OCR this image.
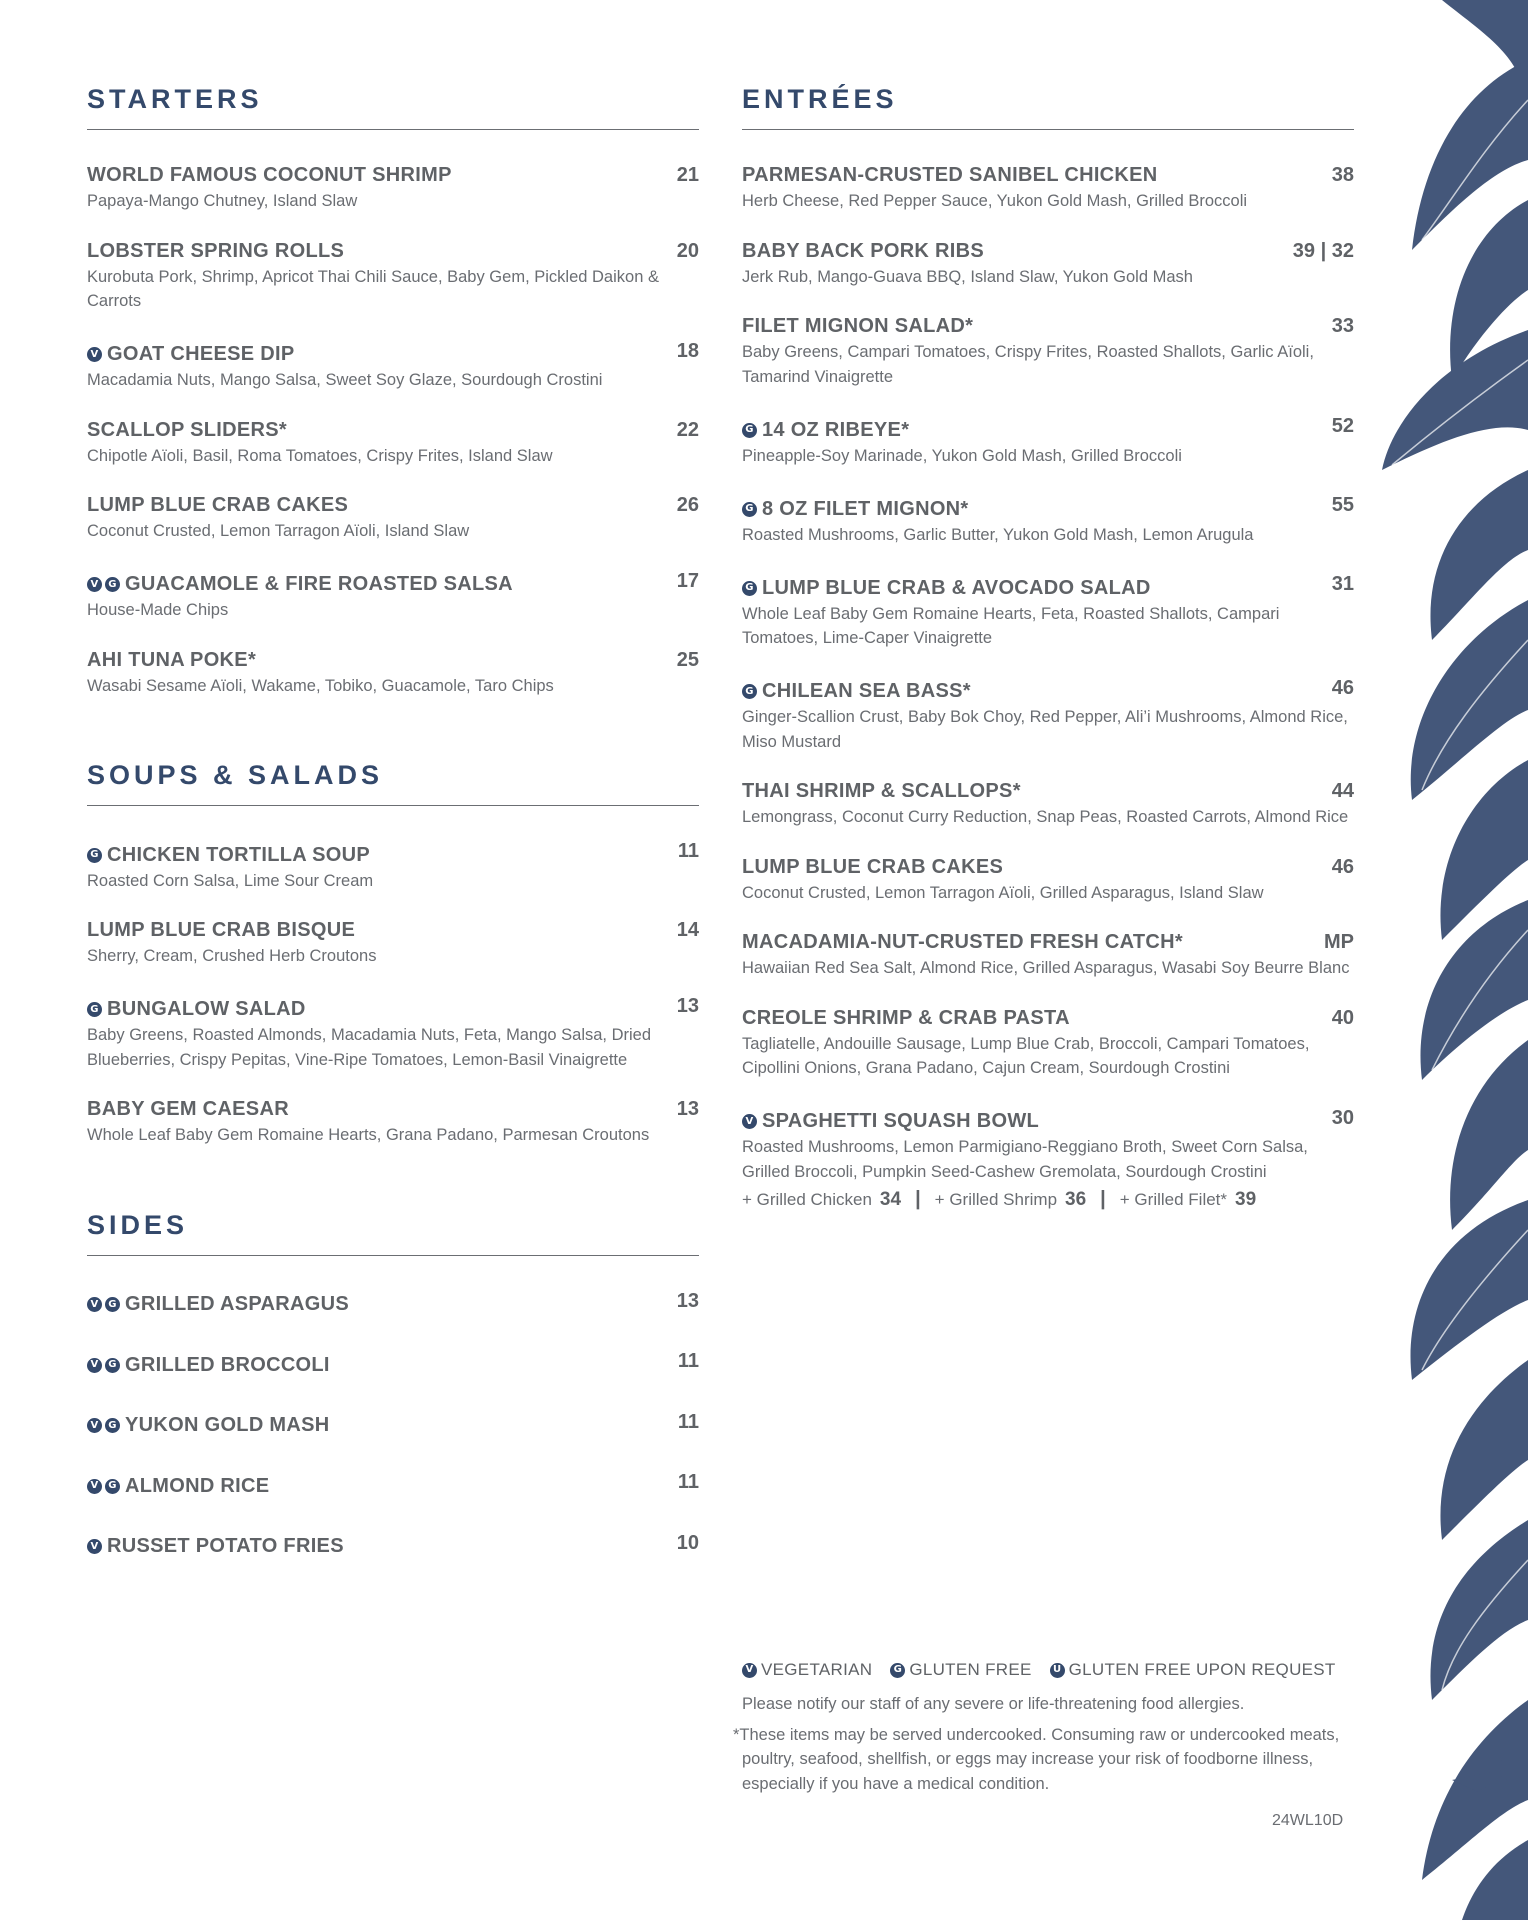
STARTERS
WORLD FAMOUS COCONUT SHRIMP	21
Papaya-Mango Chutney, Island Slaw
LOBSTER SPRING ROLLS	20
Kurobuta Pork, Shrimp, Apricot Thai Chili Sauce, Baby Gem, Pickled Daikon & Carrots
V GOAT CHEESE DIP	18
Macadamia Nuts, Mango Salsa, Sweet Soy Glaze, Sourdough Crostini
SCALLOP SLIDERS*	22
Chipotle Aïoli, Basil, Roma Tomatoes, Crispy Frites, Island Slaw
LUMP BLUE CRAB CAKES	26
Coconut Crusted, Lemon Tarragon Aïoli, Island Slaw
V G GUACAMOLE & FIRE ROASTED SALSA	17
House-Made Chips
AHI TUNA POKE*	25
Wasabi Sesame Aïoli, Wakame, Tobiko, Guacamole, Taro Chips
SOUPS & SALADS
G CHICKEN TORTILLA SOUP	11
Roasted Corn Salsa, Lime Sour Cream
LUMP BLUE CRAB BISQUE	14
Sherry, Cream, Crushed Herb Croutons
G BUNGALOW SALAD	13
Baby Greens, Roasted Almonds, Macadamia Nuts, Feta, Mango Salsa, Dried Blueberries, Crispy Pepitas, Vine-Ripe Tomatoes, Lemon-Basil Vinaigrette
BABY GEM CAESAR	13
Whole Leaf Baby Gem Romaine Hearts, Grana Padano, Parmesan Croutons
SIDES
V G GRILLED ASPARAGUS	13
V G GRILLED BROCCOLI	11
V G YUKON GOLD MASH	11
V G ALMOND RICE	11
V RUSSET POTATO FRIES	10
ENTRÉES
PARMESAN-CRUSTED SANIBEL CHICKEN	38
Herb Cheese, Red Pepper Sauce, Yukon Gold Mash, Grilled Broccoli
BABY BACK PORK RIBS	39 | 32
Jerk Rub, Mango-Guava BBQ, Island Slaw, Yukon Gold Mash
FILET MIGNON SALAD*	33
Baby Greens, Campari Tomatoes, Crispy Frites, Roasted Shallots, Garlic Aïoli, Tamarind Vinaigrette
G 14 OZ RIBEYE*	52
Pineapple-Soy Marinade, Yukon Gold Mash, Grilled Broccoli
G 8 OZ FILET MIGNON*	55
Roasted Mushrooms, Garlic Butter, Yukon Gold Mash, Lemon Arugula
G LUMP BLUE CRAB & AVOCADO SALAD	31
Whole Leaf Baby Gem Romaine Hearts, Feta, Roasted Shallots, Campari Tomatoes, Lime-Caper Vinaigrette
G CHILEAN SEA BASS*	46
Ginger-Scallion Crust, Baby Bok Choy, Red Pepper, Ali’i Mushrooms, Almond Rice, Miso Mustard
THAI SHRIMP & SCALLOPS*	44
Lemongrass, Coconut Curry Reduction, Snap Peas, Roasted Carrots, Almond Rice
LUMP BLUE CRAB CAKES	46
Coconut Crusted, Lemon Tarragon Aïoli, Grilled Asparagus, Island Slaw
MACADAMIA-NUT-CRUSTED FRESH CATCH*	MP
Hawaiian Red Sea Salt, Almond Rice, Grilled Asparagus, Wasabi Soy Beurre Blanc
CREOLE SHRIMP & CRAB PASTA	40
Tagliatelle, Andouille Sausage, Lump Blue Crab, Broccoli, Campari Tomatoes, Cipollini Onions, Grana Padano, Cajun Cream, Sourdough Crostini
V SPAGHETTI SQUASH BOWL	30
Roasted Mushrooms, Lemon Parmigiano-Reggiano Broth, Sweet Corn Salsa, Grilled Broccoli, Pumpkin Seed-Cashew Gremolata, Sourdough Crostini
+ Grilled Chicken 34 | + Grilled Shrimp 36 | + Grilled Filet* 39
V VEGETARIAN	G GLUTEN FREE	U GLUTEN FREE UPON REQUEST
Please notify our staff of any severe or life-threatening food allergies.
*These items may be served undercooked. Consuming raw or undercooked meats, poultry, seafood, shellfish, or eggs may increase your risk of foodborne illness, especially if you have a medical condition.
24WL10D
